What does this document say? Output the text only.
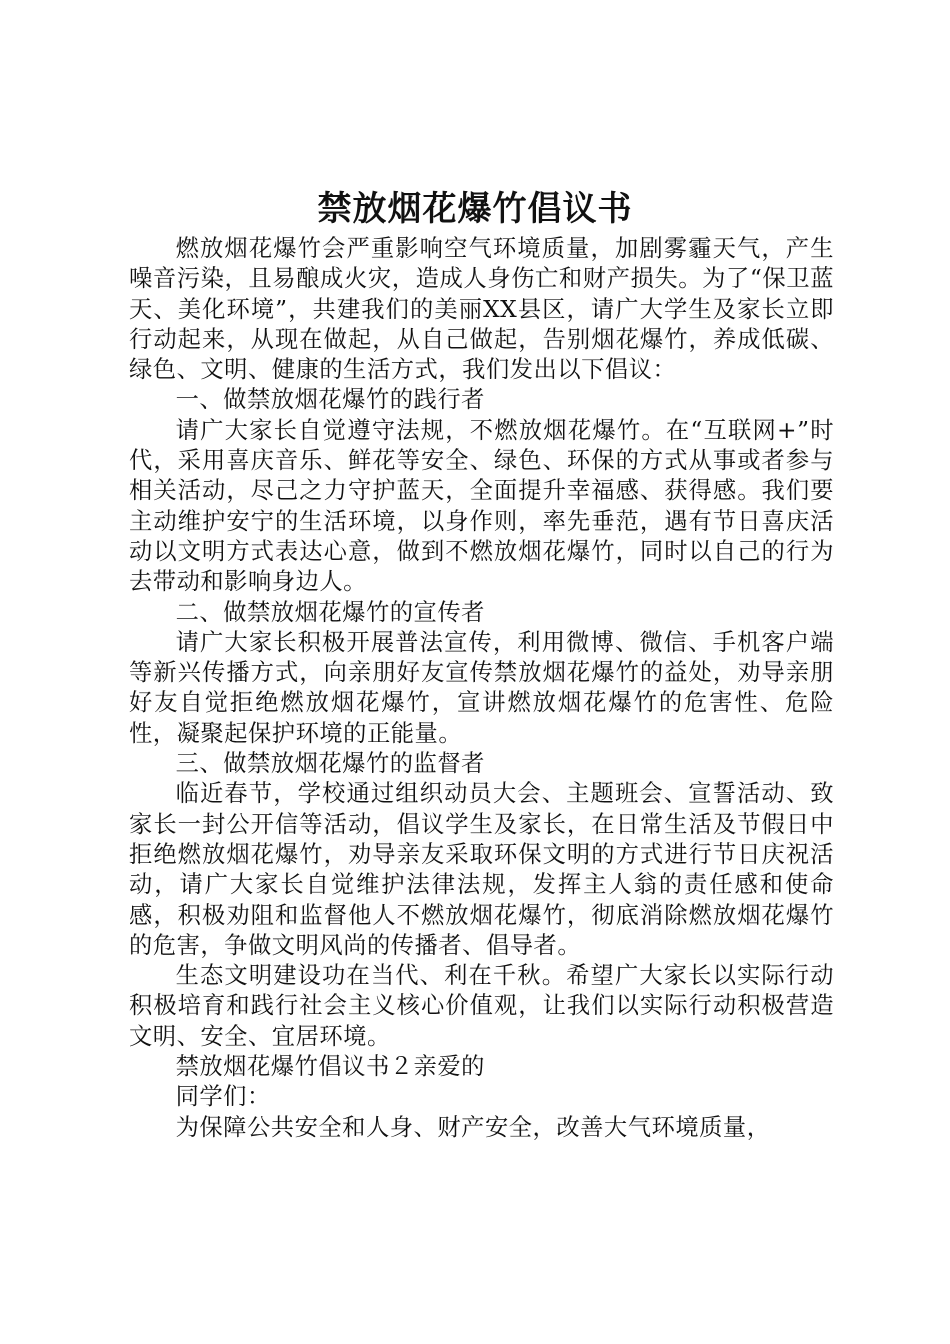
禁放烟花爆竹倡议书

燃放烟花爆竹会严重影响空气环境质量，加剧雾霾天气，产生噪音污染，且易酿成火灾，造成人身伤亡和财产损失。为了“保卫蓝天、美化环境”，共建我们的美丽XX县区，请广大学生及家长立即行动起来，从现在做起，从自己做起，告别烟花爆竹，养成低碳、绿色、文明、健康的生活方式，我们发出以下倡议：

一、做禁放烟花爆竹的践行者

请广大家长自觉遵守法规，不燃放烟花爆竹。在“互联网+”时代，采用喜庆音乐、鲜花等安全、绿色、环保的方式从事或者参与相关活动，尽己之力守护蓝天，全面提升幸福感、获得感。我们要主动维护安宁的生活环境，以身作则，率先垂范，遇有节日喜庆活动以文明方式表达心意，做到不燃放烟花爆竹，同时以自己的行为去带动和影响身边人。

二、做禁放烟花爆竹的宣传者

请广大家长积极开展普法宣传，利用微博、微信、手机客户端等新兴传播方式，向亲朋好友宣传禁放烟花爆竹的益处，劝导亲朋好友自觉拒绝燃放烟花爆竹，宣讲燃放烟花爆竹的危害性、危险性，凝聚起保护环境的正能量。

三、做禁放烟花爆竹的监督者

临近春节，学校通过组织动员大会、主题班会、宣誓活动、致家长一封公开信等活动，倡议学生及家长，在日常生活及节假日中拒绝燃放烟花爆竹，劝导亲友采取环保文明的方式进行节日庆祝活动，请广大家长自觉维护法律法规，发挥主人翁的责任感和使命感，积极劝阻和监督他人不燃放烟花爆竹，彻底消除燃放烟花爆竹的危害，争做文明风尚的传播者、倡导者。

生态文明建设功在当代、利在千秋。希望广大家长以实际行动积极培育和践行社会主义核心价值观，让我们以实际行动积极营造文明、安全、宜居环境。

禁放烟花爆竹倡议书２亲爱的

同学们：

为保障公共安全和人身、财产安全，改善大气环境质量，
